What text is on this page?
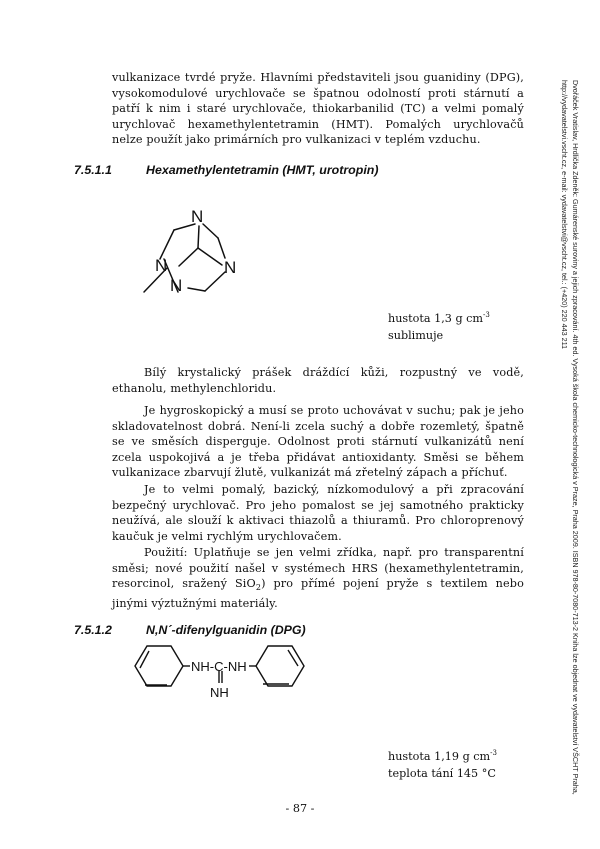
vulkanizace tvrdé pryže. Hlavními představiteli jsou guanidiny (DPG), vysokomodulové urychlovače se špatnou odolností proti stárnutí a patří k nim i staré urychlovače, thiokarbanilid (TC) a velmi pomalý urychlovač hexamethylentetramin (HMT). Pomalých urychlovačů nelze použít jako primárních pro vulkanizaci v teplém vzduchu.

7.5.1.1	Hexamethylentetramin (HMT, urotropin)
N
N	N
N
hustota 1,3 g $cm^{-3}$
sublimuje

Bílý krystalický prášek dráždící kůži, rozpustný ve vodě, ethanolu, methylenchloridu.

Je hygroskopický a musí se proto uchovávat v suchu; pak je jeho skladovatelnost dobrá. Není-li zcela suchý a dobře rozemletý, špatně se ve směsích disperguje. Odolnost proti stárnutí vulkanizátů není zcela uspokojivá a je třeba přidávat antioxidanty. Směsi se během vulkanizace zbarvují žlutě, vulkanizát má zřetelný zápach a příchuť.

Je to velmi pomalý, bazický, nízkomodulový a při zpracování bezpečný urychlovač. Pro jeho pomalost se jej samotného prakticky neužívá, ale slouží k aktivaci thiazolů a thiuramů. Pro chloroprenový kaučuk je velmi rychlým urychlovačem.

Použití: Uplatňuje se jen velmi zřídka, např. pro transparentní směsi; nové použití našel v systémech HRS (hexamethylentetramin, resorcinol, sražený SiO$_2$) pro přímé pojení pryže s textilem nebo jinými výztužnými materiály.

7.5.1.2	N,N´-difenylguanidin (DPG)
NH-C-NH
NH
hustota 1,19 g $cm^{-3}$
teplota tání 145 °C
- 87 -
Dvořáček Vratislav, Hrdlička Zdeněk: Gumárenské suroviny a jejich zpracování. 4th ed. Vysoká škola chemicko-technologická v Praze, Praha 2009. ISBN 978-80-7080-713-2 Kniha lze objednat ve vydavatelství VŠCHT Praha, http://vydavatelstvi.vscht.cz, e-mail: vydavatelstvi@vscht.cz, tel.: (+420) 220 443 211
